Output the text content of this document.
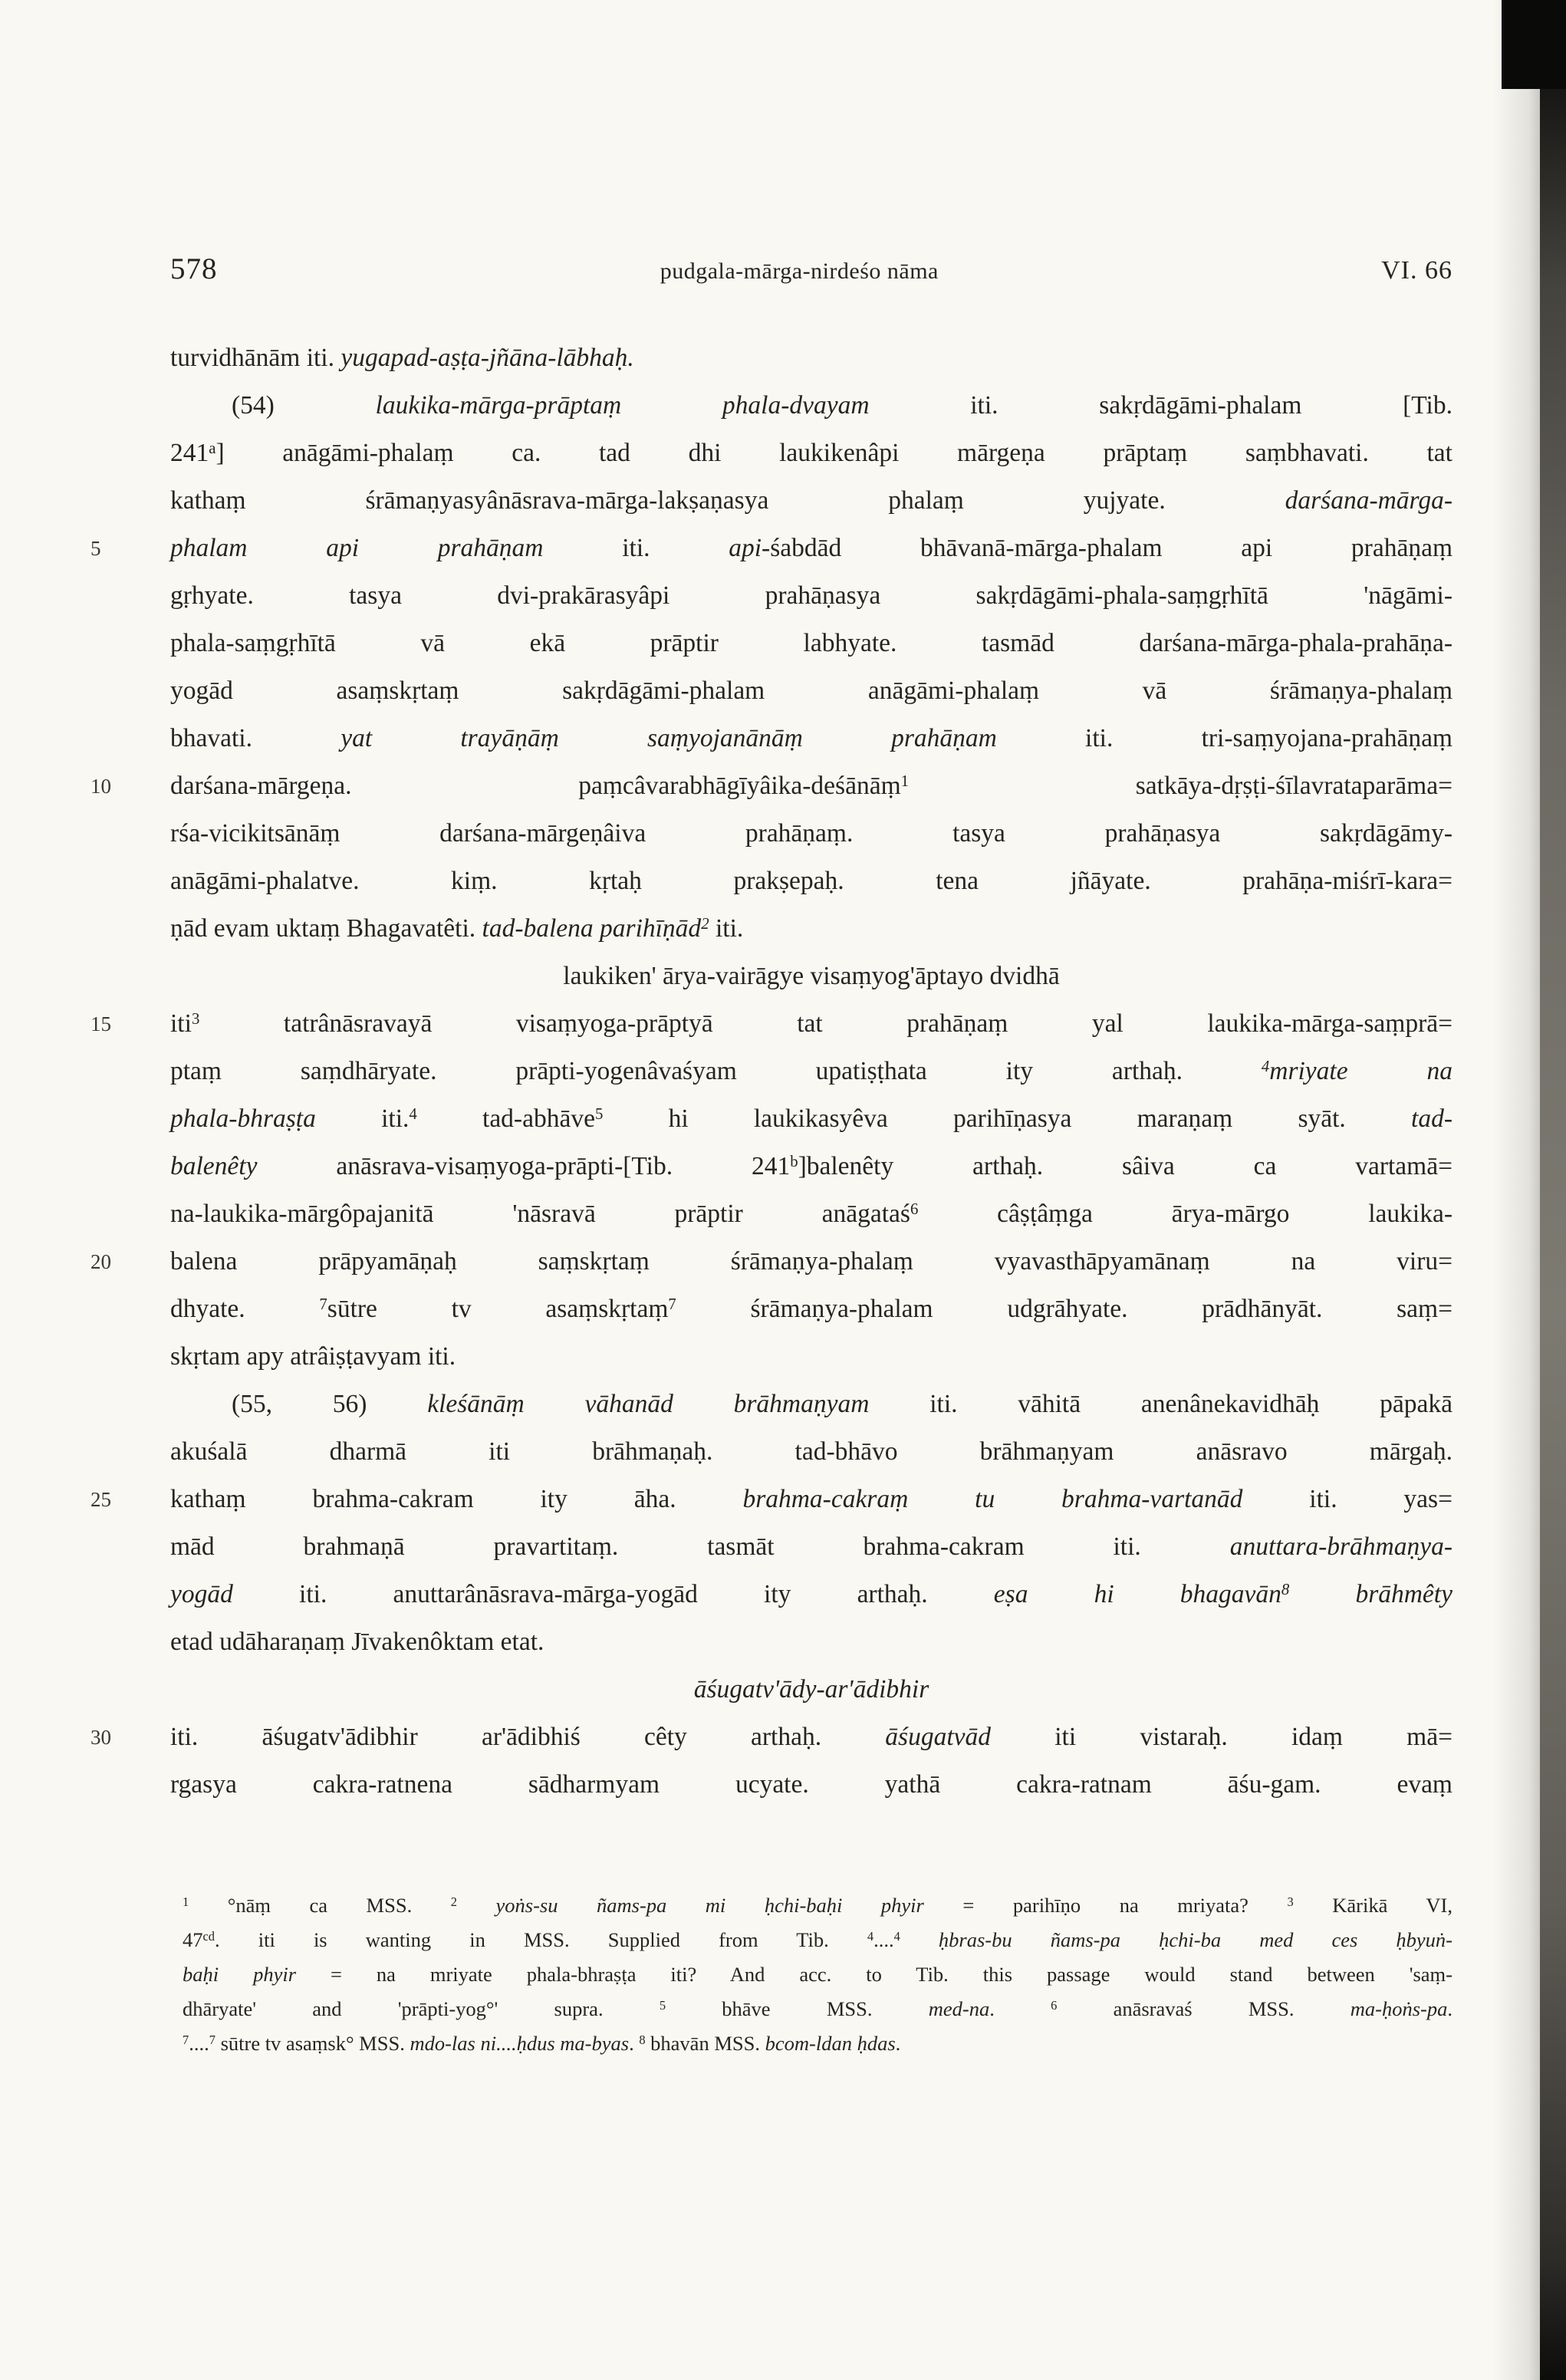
578	pudgala-mārga-nirdeśo nāma	VI. 66
turvidhānām iti. yugapad-aṣṭa-jñāna-lābhaḥ.
(54) laukika-mārga-prāptaṃ phala-dvayam iti. sakṛdāgāmi-phalam [Tib.
241$^a$] anāgāmi-phalaṃ ca. tad dhi laukikenâpi mārgeṇa prāptaṃ saṃbhavati. tat
kathaṃ śrāmaṇyasyânāsrava-mārga-lakṣaṇasya phalaṃ yujyate. darśana-mārga-
5	phalam api prahāṇam iti. api-śabdād bhāvanā-mārga-phalam api prahāṇaṃ
gṛhyate. tasya dvi-prakārasyâpi prahāṇasya sakṛdāgāmi-phala-saṃgṛhītā 'nāgāmi-
phala-saṃgṛhītā vā ekā prāptir labhyate. tasmād darśana-mārga-phala-prahāṇa-
yogād asaṃskṛtaṃ sakṛdāgāmi-phalam anāgāmi-phalaṃ vā śrāmaṇya-phalaṃ
bhavati. yat trayāṇāṃ saṃyojanānāṃ prahāṇam iti. tri-saṃyojana-prahāṇaṃ
10	darśana-mārgeṇa. paṃcâvarabhāgīyâika-deśānāṃ$^1$ satkāya-dṛṣṭi-śīlavrataparāma=
rśa-vicikitsānāṃ darśana-mārgeṇâiva prahāṇaṃ. tasya prahāṇasya sakṛdāgāmy-
anāgāmi-phalatve. kiṃ. kṛtaḥ prakṣepaḥ. tena jñāyate. prahāṇa-miśrī-kara=
ṇād evam uktaṃ Bhagavatêti. tad-balena parihīṇād$^2$ iti.
laukiken' ārya-vairāgye visaṃyog'āptayo dvidhā
15	iti$^3$ tatrânāsravayā visaṃyoga-prāptyā tat prahāṇaṃ yal laukika-mārga-saṃprā=
ptaṃ saṃdhāryate. prāpti-yogenâvaśyam upatiṣṭhata ity arthaḥ. $^4$mriyate na
phala-bhraṣṭa iti.$^4$ tad-abhāve$^5$ hi laukikasyêva parihīṇasya maraṇaṃ syāt. tad-
balenêty anāsrava-visaṃyoga-prāpti-[Tib. 241$^b$]balenêty arthaḥ. sâiva ca vartamā=
na-laukika-mārgôpajanitā 'nāsravā prāptir anāgataś$^6$ câṣṭâṃga ārya-mārgo laukika-
20	balena prāpyamāṇaḥ saṃskṛtaṃ śrāmaṇya-phalaṃ vyavasthāpyamānaṃ na viru=
dhyate. $^7$sūtre tv asaṃskṛtaṃ$^7$ śrāmaṇya-phalam udgrāhyate. prādhānyāt. saṃ=
skṛtam apy atrâiṣṭavyam iti.
(55, 56) kleśānāṃ vāhanād brāhmaṇyam iti. vāhitā anenânekavidhāḥ pāpakā
akuśalā dharmā iti brāhmaṇaḥ. tad-bhāvo brāhmaṇyam anāsravo mārgaḥ.
25	kathaṃ brahma-cakram ity āha. brahma-cakraṃ tu brahma-vartanād iti. yas=
mād brahmaṇā pravartitaṃ. tasmāt brahma-cakram iti. anuttara-brāhmaṇya-
yogād iti. anuttarânāsrava-mārga-yogād ity arthaḥ. eṣa hi bhagavān$^8$ brāhmêty
etad udāharaṇaṃ Jīvakenôktam etat.
āśugatv'ādy-ar'ādibhir
30	iti. āśugatv'ādibhir ar'ādibhiś cêty arthaḥ. āśugatvād iti vistaraḥ. idaṃ mā=
rgasya cakra-ratnena sādharmyam ucyate. yathā cakra-ratnam āśu-gam. evaṃ
$^1$ °nāṃ ca MSS. $^2$ yoṅs-su ñams-pa mi ḥchi-baḥi phyir = parihīṇo na mriyata? $^3$ Kārikā VI,
$47^{cd}$. iti is wanting in MSS. Supplied from Tib. $^4$....$^4$ ḥbras-bu ñams-pa ḥchi-ba med ces ḥbyuṅ-
baḥi phyir = na mriyate phala-bhraṣṭa iti? And acc. to Tib. this passage would stand between 'saṃ-
dhāryate' and 'prāpti-yog°' supra. $^5$ bhāve MSS. med-na. $^6$ anāsravaś MSS. ma-ḥoṅs-pa.
$^7$....$^7$ sūtre tv asaṃsk° MSS. mdo-las ni....ḥdus ma-byas. $^8$ bhavān MSS. bcom-ldan ḥdas.
